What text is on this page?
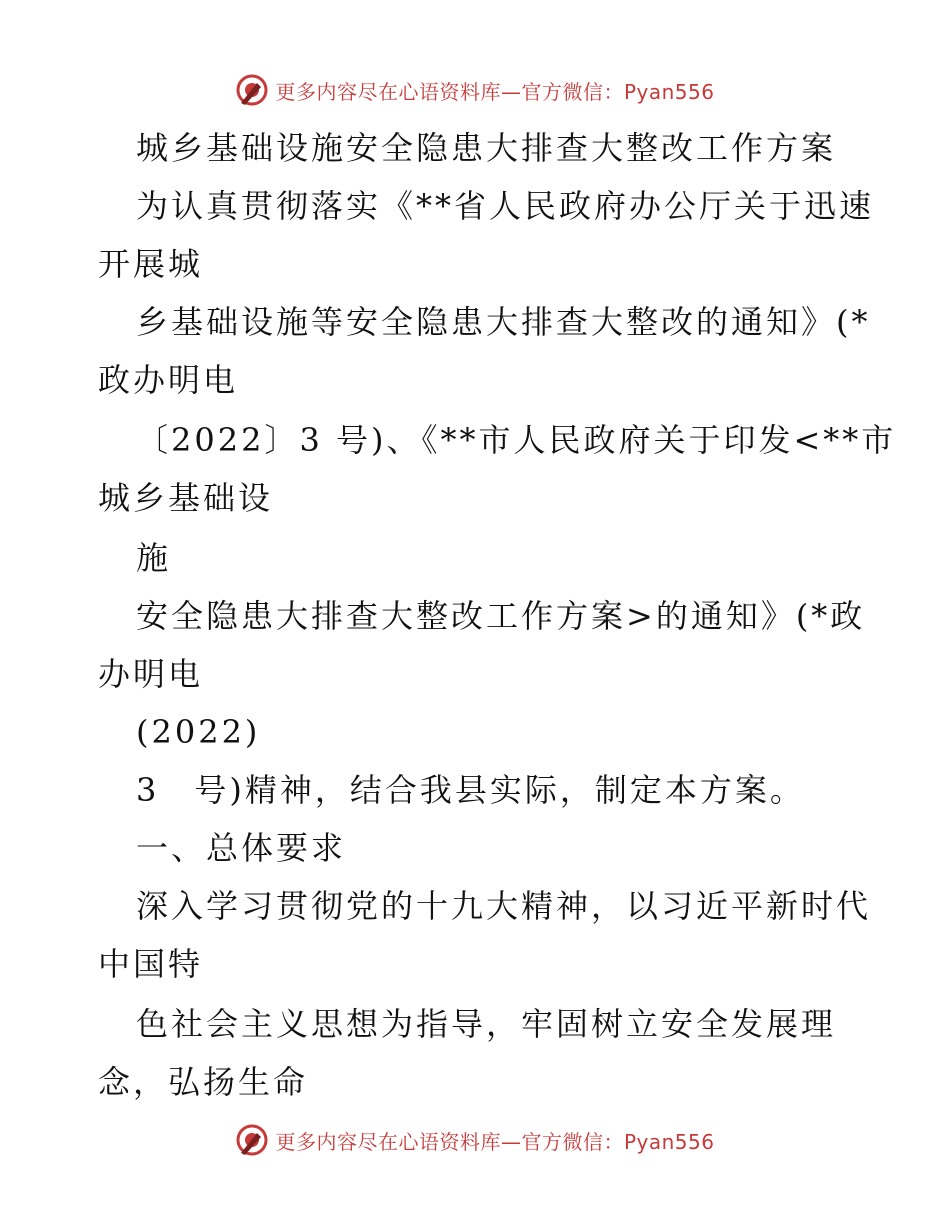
更多内容尽在心语资料库—官方微信：Pyan556
城乡基础设施安全隐患大排查大整改工作方案
为认真贯彻落实《**省人民政府办公厅关于迅速
开展城
乡基础设施等安全隐患大排查大整改的通知》(*
政办明电
〔2022〕3 号)、《**市人民政府关于印发<**市
城乡基础设
施
安全隐患大排查大整改工作方案>的通知》(*政
办明电
(2022)
3　号)精神，结合我县实际，制定本方案。
一、总体要求
深入学习贯彻党的十九大精神，以习近平新时代
中国特
色社会主义思想为指导，牢固树立安全发展理
念，弘扬生命
更多内容尽在心语资料库—官方微信：Pyan556
